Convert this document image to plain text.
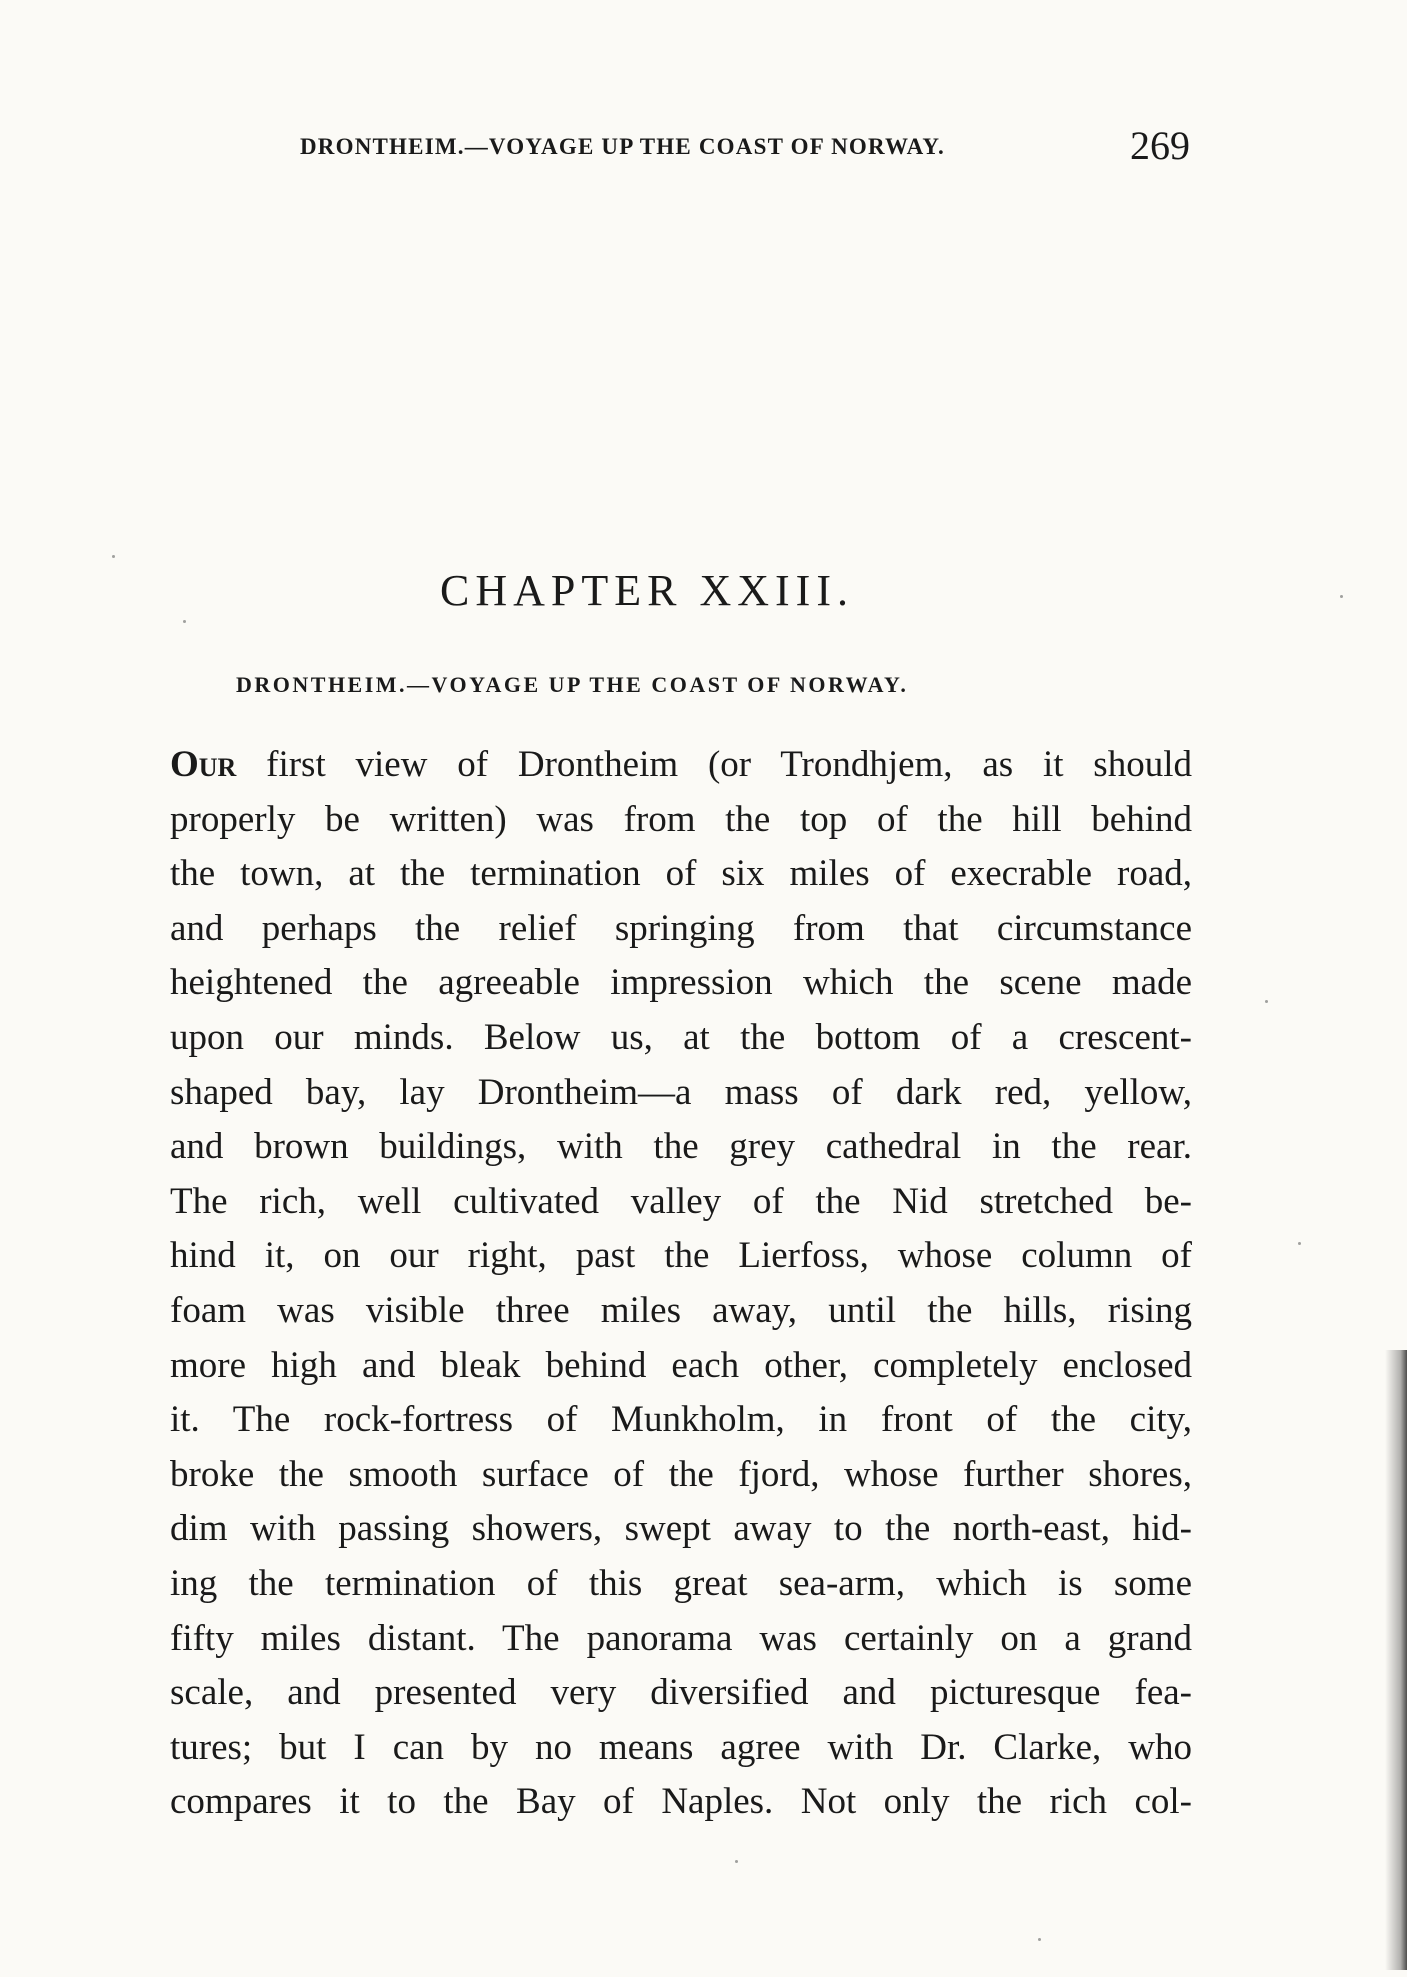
DRONTHEIM.—VOYAGE UP THE COAST OF NORWAY.	269
CHAPTER XXIII.
DRONTHEIM.—VOYAGE UP THE COAST OF NORWAY.
Our first view of Drontheim (or Trondhjem, as it should
properly be written) was from the top of the hill behind
the town, at the termination of six miles of execrable road,
and perhaps the relief springing from that circumstance
heightened the agreeable impression which the scene made
upon our minds. Below us, at the bottom of a crescent-
shaped bay, lay Drontheim—a mass of dark red, yellow,
and brown buildings, with the grey cathedral in the rear.
The rich, well cultivated valley of the Nid stretched be-
hind it, on our right, past the Lierfoss, whose column of
foam was visible three miles away, until the hills, rising
more high and bleak behind each other, completely enclosed
it. The rock-fortress of Munkholm, in front of the city,
broke the smooth surface of the fjord, whose further shores,
dim with passing showers, swept away to the north-east, hid-
ing the termination of this great sea-arm, which is some
fifty miles distant. The panorama was certainly on a grand
scale, and presented very diversified and picturesque fea-
tures; but I can by no means agree with Dr. Clarke, who
compares it to the Bay of Naples. Not only the rich col-
